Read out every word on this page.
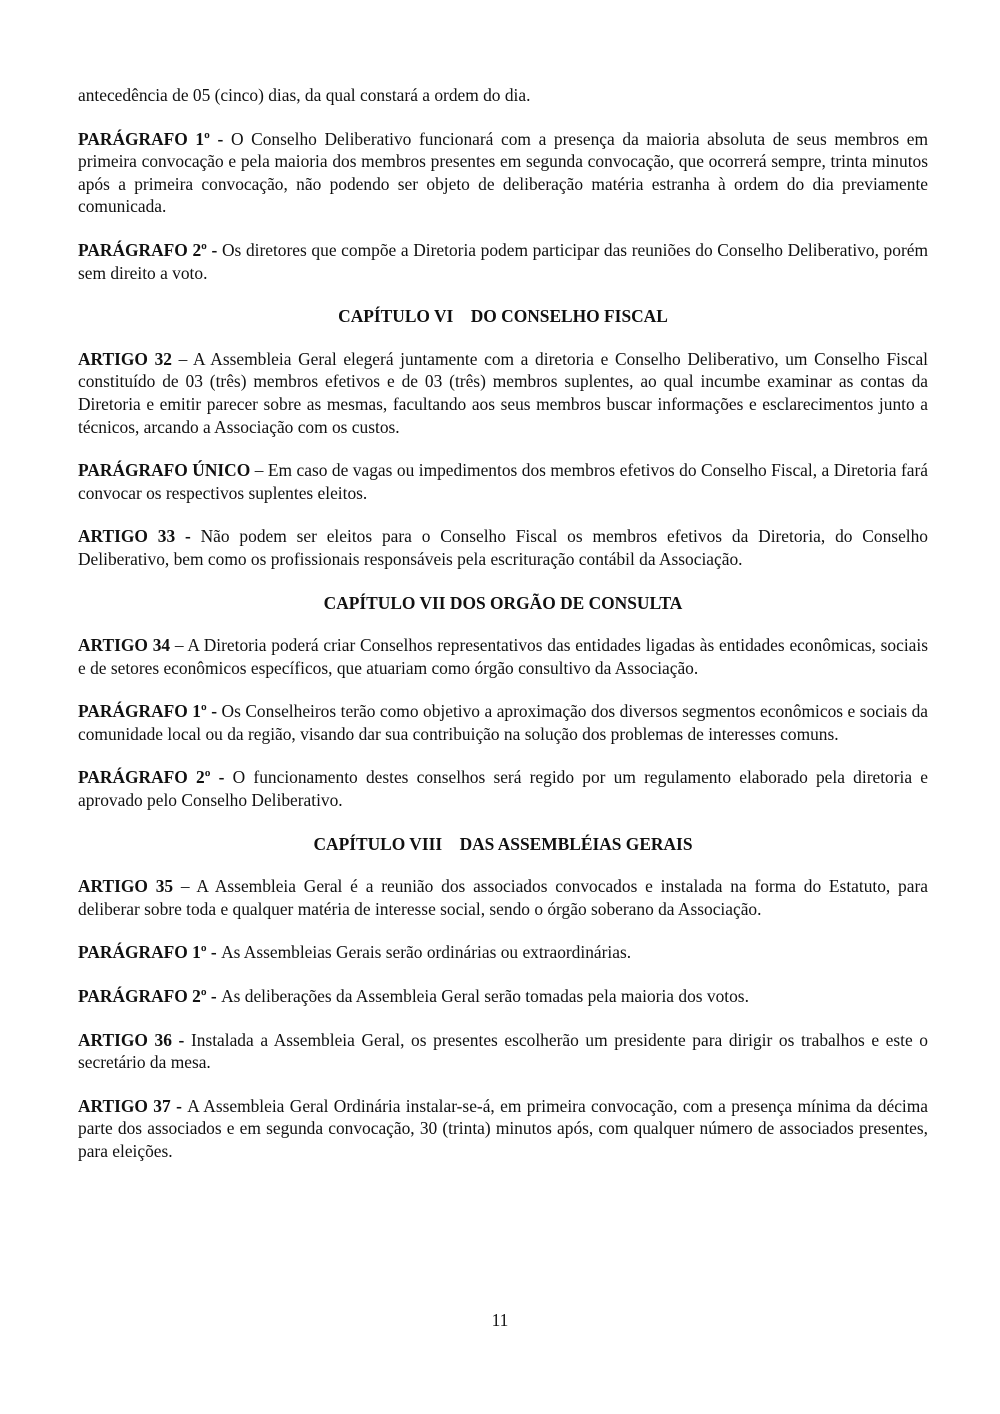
antecedência de 05 (cinco) dias, da qual constará a ordem do dia.

PARÁGRAFO 1º - O Conselho Deliberativo funcionará com a presença da maioria absoluta de seus membros em primeira convocação e pela maioria dos membros presentes em segunda convocação, que ocorrerá sempre, trinta minutos após a primeira convocação, não podendo ser objeto de deliberação matéria estranha à ordem do dia previamente comunicada.

PARÁGRAFO 2º - Os diretores que compõe a Diretoria podem participar das reuniões do Conselho Deliberativo, porém sem direito a voto.

CAPÍTULO VI    DO CONSELHO FISCAL

ARTIGO 32 – A Assembleia Geral elegerá juntamente com a diretoria e Conselho Deliberativo, um Conselho Fiscal constituído de 03 (três) membros efetivos e de 03 (três) membros suplentes, ao qual incumbe examinar as contas da Diretoria e emitir parecer sobre as mesmas, facultando aos seus membros buscar informações e esclarecimentos junto a técnicos, arcando a Associação com os custos.

PARÁGRAFO ÚNICO – Em caso de vagas ou impedimentos dos membros efetivos do Conselho Fiscal, a Diretoria fará convocar os respectivos suplentes eleitos.

ARTIGO 33 - Não podem ser eleitos para o Conselho Fiscal os membros efetivos da Diretoria, do Conselho Deliberativo, bem como os profissionais responsáveis pela escrituração contábil da Associação.

CAPÍTULO VII DOS ORGÃO DE CONSULTA

ARTIGO 34 – A Diretoria poderá criar Conselhos representativos das entidades ligadas às entidades econômicas, sociais e de setores econômicos específicos, que atuariam como órgão consultivo da Associação.

PARÁGRAFO 1º - Os Conselheiros terão como objetivo a aproximação dos diversos segmentos econômicos e sociais da comunidade local ou da região, visando dar sua contribuição na solução dos problemas de interesses comuns.

PARÁGRAFO 2º - O funcionamento destes conselhos será regido por um regulamento elaborado pela diretoria e aprovado pelo Conselho Deliberativo.

CAPÍTULO VIII    DAS ASSEMBLÉIAS GERAIS

ARTIGO 35 – A Assembleia Geral é a reunião dos associados convocados e instalada na forma do Estatuto, para deliberar sobre toda e qualquer matéria de interesse social, sendo o órgão soberano da Associação.

PARÁGRAFO 1º - As Assembleias Gerais serão ordinárias ou extraordinárias.

PARÁGRAFO 2º - As deliberações da Assembleia Geral serão tomadas pela maioria dos votos.

ARTIGO 36 - Instalada a Assembleia Geral, os presentes escolherão um presidente para dirigir os trabalhos e este o secretário da mesa.

ARTIGO 37 - A Assembleia Geral Ordinária instalar-se-á, em primeira convocação, com a presença mínima da décima parte dos associados e em segunda convocação, 30 (trinta) minutos após, com qualquer número de associados presentes, para eleições.

11
